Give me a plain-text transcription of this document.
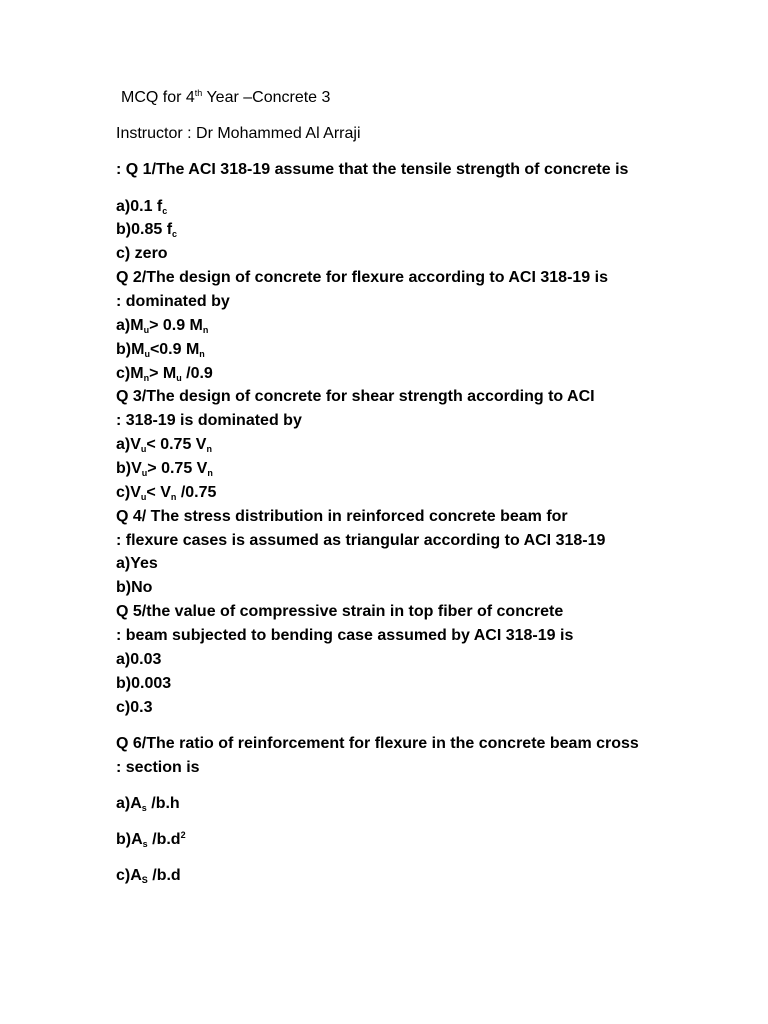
MCQ for 4th Year –Concrete 3
Instructor : Dr Mohammed Al Arraji
: Q 1/The ACI 318-19 assume that the tensile strength of concrete is
a)0.1 $f_c$
b)0.85 $f_c$
c) zero
Q 2/The design of concrete for flexure according to ACI 318-19 is
: dominated by
$a)M_u> 0.9$ $M_n$
$b)M_u<0.9$ $M_n$
$c)M_n> M_u$ /0.9
Q 3/The design of concrete for shear strength according to ACI
: 318-19 is dominated by
$a)V_u< 0.75$ $V_n$
$b)V_u> 0.75$ $V_n$
$c)V_u< V_n$ /0.75
Q 4/ The stress distribution in reinforced concrete beam for
: flexure cases is assumed as triangular according to ACI 318-19
a)Yes
b)No
Q 5/the value of compressive strain in top fiber of concrete
: beam subjected to bending case assumed by ACI 318-19 is
a)0.03
b)0.003
c)0.3
Q 6/The ratio of reinforcement for flexure in the concrete beam cross
: section is
$a)A_s$ /b.h
$b)A_s$ $/b.d^2$
$c)A_S$ /b.d
